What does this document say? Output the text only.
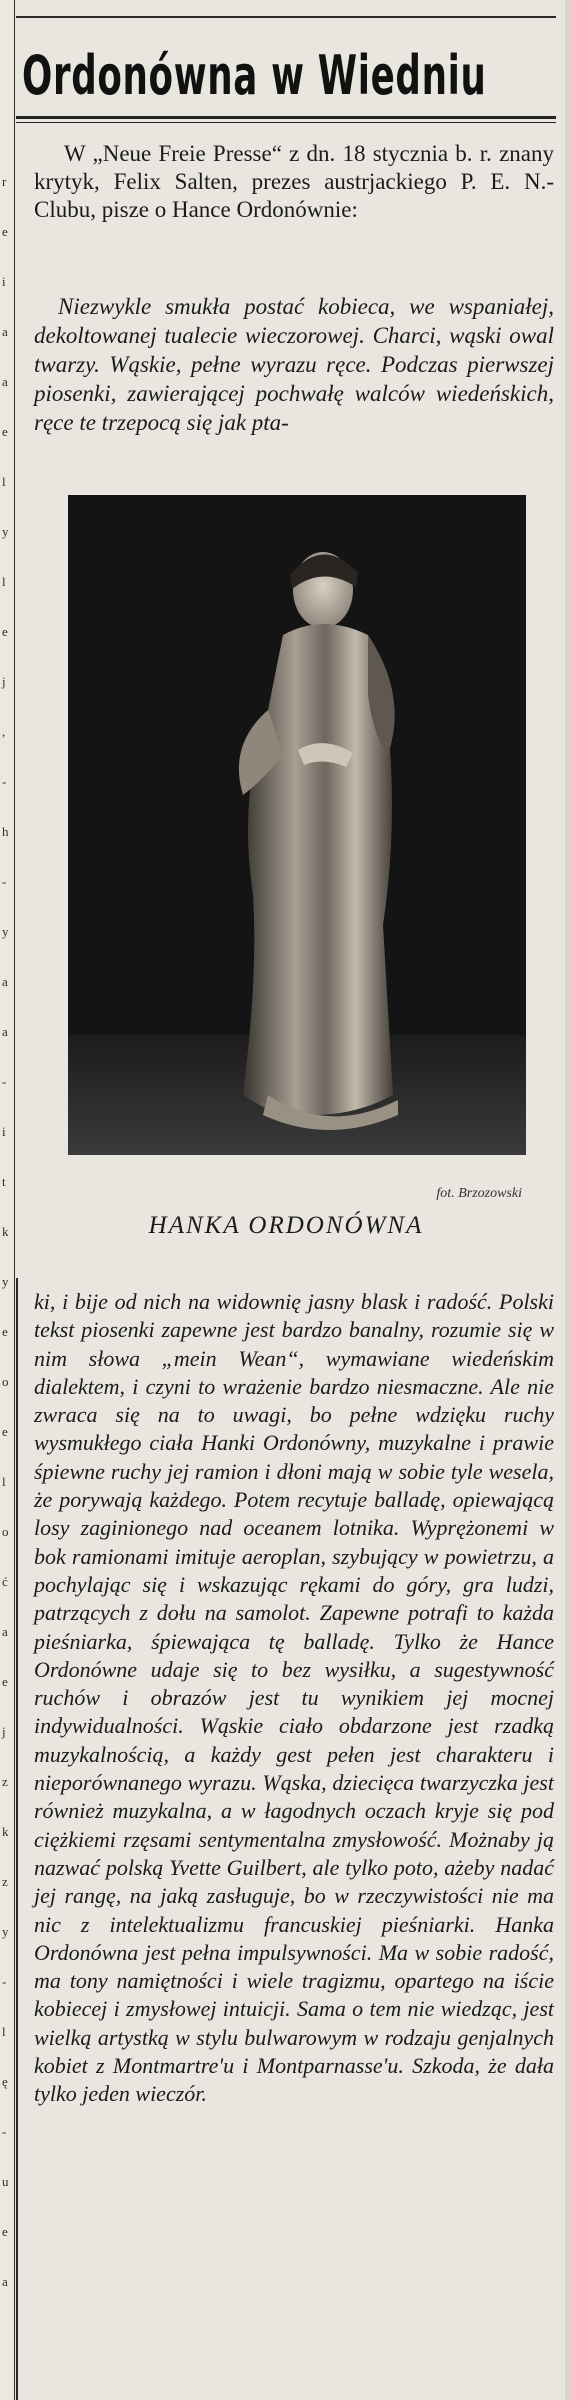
r
e
i
a
a
e
l
y
l
e
j
,
-
h
-
y
a
a
-
i
t
k
y
e
o
e
l
o
ć
a
e
j
z
k
z
y
-
l
ę
-
u
e
a
Ordonówna w Wiedniu
W „Neue Freie Presse“ z dn. 18 stycznia b. r. znany krytyk, Felix Salten, prezes austrjackiego P. E. N.-Clubu, pisze o Hance Ordonównie:
Niezwykle smukła postać kobieca, we wspaniałej, dekoltowanej tualecie wieczorowej. Charci, wąski owal twarzy. Wąskie, pełne wyrazu ręce. Podczas pierwszej piosenki, zawierającej pochwałę walców wiedeńskich, ręce te trzepocą się jak pta-
fot. Brzozowski
HANKA ORDONÓWNA
ki, i bije od nich na widownię jasny blask i radość. Polski tekst piosenki zapewne jest bardzo banalny, rozumie się w nim słowa „mein Wean“, wymawiane wiedeńskim dialektem, i czyni to wrażenie bardzo niesmaczne. Ale nie zwraca się na to uwagi, bo pełne wdzięku ruchy wysmukłego ciała Hanki Ordonówny, muzykalne i prawie śpiewne ruchy jej ramion i dłoni mają w sobie tyle wesela, że porywają każdego. Potem recytuje balladę, opiewającą losy zaginionego nad oceanem lotnika. Wyprężonemi w bok ramionami imituje aeroplan, szybujący w powietrzu, a pochylając się i wskazując rękami do góry, gra ludzi, patrzących z dołu na samolot. Zapewne potrafi to każda pieśniarka, śpiewająca tę balladę. Tylko że Hance Ordonówne udaje się to bez wysiłku, a sugestywność ruchów i obrazów jest tu wynikiem jej mocnej indywidualności. Wąskie ciało obdarzone jest rzadką muzykalnością, a każdy gest pełen jest charakteru i nieporównanego wyrazu. Wąska, dziecięca twarzyczka jest również muzykalna, a w łagodnych oczach kryje się pod ciężkiemi rzęsami sentymentalna zmysłowość. Możnaby ją nazwać polską Yvette Guilbert, ale tylko poto, ażeby nadać jej rangę, na jaką zasługuje, bo w rzeczywistości nie ma nic z intelektualizmu francuskiej pieśniarki. Hanka Ordonówna jest pełna impulsywności. Ma w sobie radość, ma tony namiętności i wiele tragizmu, opartego na iście kobiecej i zmysłowej intuicji. Sama o tem nie wiedząc, jest wielką artystką w stylu bulwarowym w rodzaju genjalnych kobiet z Montmartre'u i Montparnasse'u. Szkoda, że dała tylko jeden wieczór.
